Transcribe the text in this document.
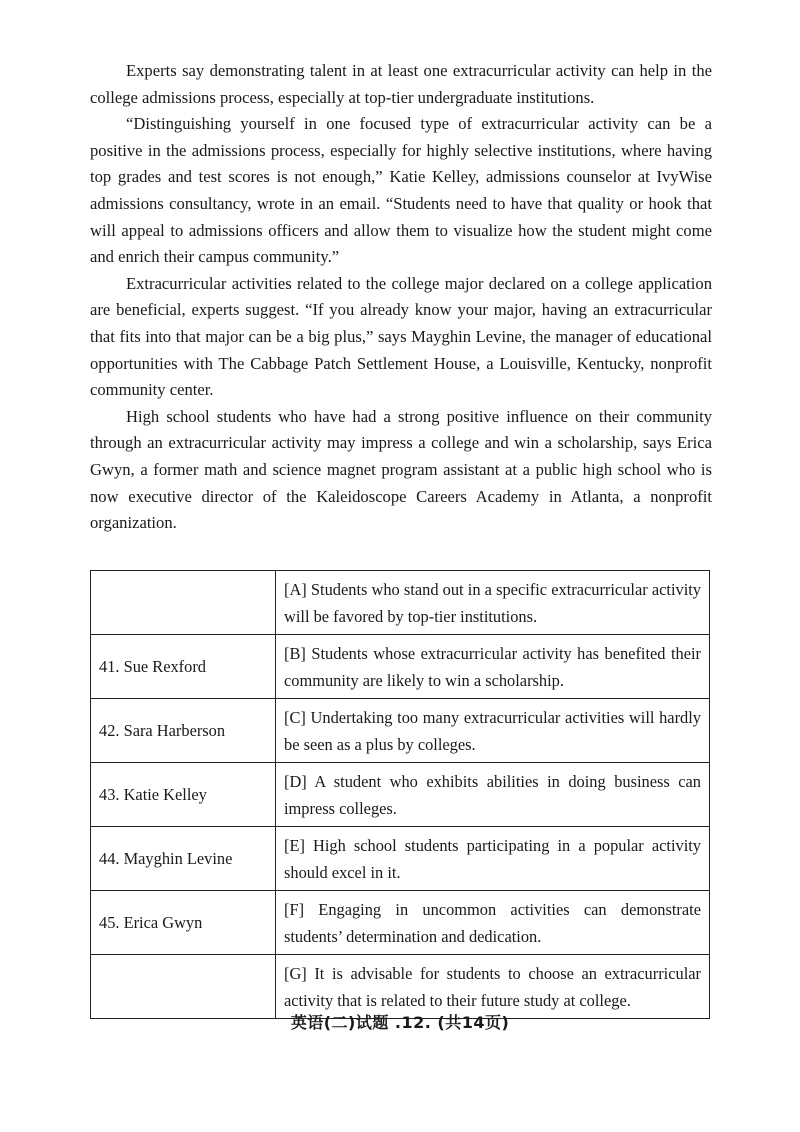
Experts say demonstrating talent in at least one extracurricular activity can help in the college admissions process, especially at top-tier undergraduate institutions.

“Distinguishing yourself in one focused type of extracurricular activity can be a positive in the admissions process, especially for highly selective institutions, where having top grades and test scores is not enough,” Katie Kelley, admissions counselor at IvyWise admissions consultancy, wrote in an email. “Students need to have that quality or hook that will appeal to admissions officers and allow them to visualize how the student might come and enrich their campus community.”

Extracurricular activities related to the college major declared on a college application are beneficial, experts suggest. “If you already know your major, having an extracurricular that fits into that major can be a big plus,” says Mayghin Levine, the manager of educational opportunities with The Cabbage Patch Settlement House, a Louisville, Kentucky, nonprofit community center.

High school students who have had a strong positive influence on their community through an extracurricular activity may impress a college and win a scholarship, says Erica Gwyn, a former math and science magnet program assistant at a public high school who is now executive director of the Kaleidoscope Careers Academy in Atlanta, a nonprofit organization.

	[A] Students who stand out in a specific extracurricular activity will be favored by top-tier institutions.
41. Sue Rexford	[B] Students whose extracurricular activity has benefited their community are likely to win a scholarship.
42. Sara Harberson	[C] Undertaking too many extracurricular activities will hardly be seen as a plus by colleges.
43. Katie Kelley	[D] A student who exhibits abilities in doing business can impress colleges.
44. Mayghin Levine	[E] High school students participating in a popular activity should excel in it.
45. Erica Gwyn	[F] Engaging in uncommon activities can demonstrate students’ determination and dedication.
	[G] It is advisable for students to choose an extracurricular activity that is related to their future study at college.
英语(二)试题 .12. (共14页)
